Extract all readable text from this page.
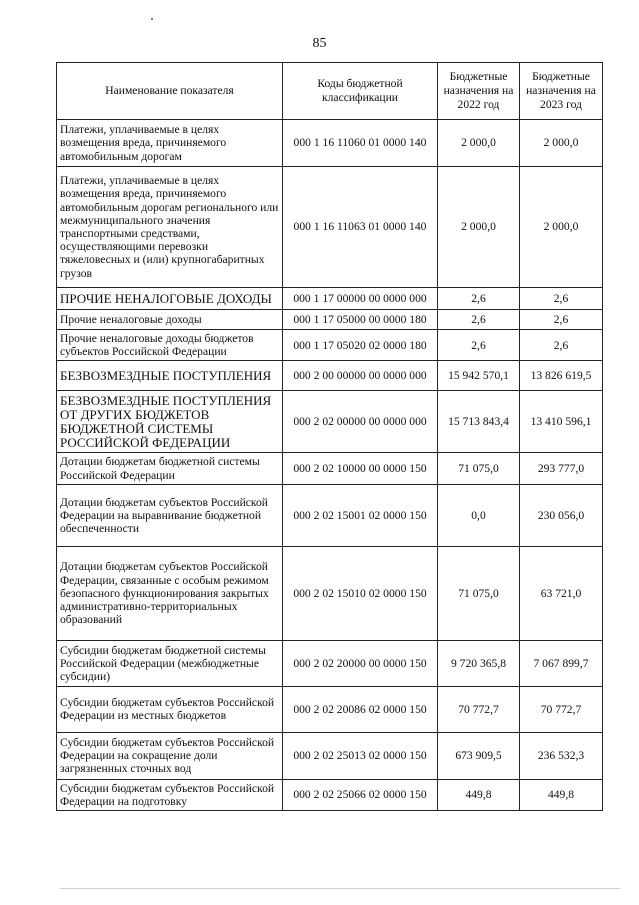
85
Наименование показателя	Коды бюджетной классификации	Бюджетные назначения на 2022 год	Бюджетные назначения на 2023 год
Платежи, уплачиваемые в целях возмещения вреда, причиняемого автомобильным дорогам	000 1 16 11060 01 0000 140	2 000,0	2 000,0
Платежи, уплачиваемые в целях возмещения вреда, причиняемого автомобильным дорогам регионального или межмуниципального значения транспортными средствами, осуществляющими перевозки тяжеловесных и (или) крупногабаритных грузов	000 1 16 11063 01 0000 140	2 000,0	2 000,0
ПРОЧИЕ НЕНАЛОГОВЫЕ ДОХОДЫ	000 1 17 00000 00 0000 000	2,6	2,6
Прочие неналоговые доходы	000 1 17 05000 00 0000 180	2,6	2,6
Прочие неналоговые доходы бюджетов субъектов Российской Федерации	000 1 17 05020 02 0000 180	2,6	2,6
БЕЗВОЗМЕЗДНЫЕ ПОСТУПЛЕНИЯ	000 2 00 00000 00 0000 000	15 942 570,1	13 826 619,5
БЕЗВОЗМЕЗДНЫЕ ПОСТУПЛЕНИЯ ОТ ДРУГИХ БЮДЖЕТОВ БЮДЖЕТНОЙ СИСТЕМЫ РОССИЙСКОЙ ФЕДЕРАЦИИ	000 2 02 00000 00 0000 000	15 713 843,4	13 410 596,1
Дотации бюджетам бюджетной системы Российской Федерации	000 2 02 10000 00 0000 150	71 075,0	293 777,0
Дотации бюджетам субъектов Российской Федерации на выравнивание бюджетной обеспеченности	000 2 02 15001 02 0000 150	0,0	230 056,0
Дотации бюджетам субъектов Российской Федерации, связанные с особым режимом безопасного функционирования закрытых административно-территориальных образований	000 2 02 15010 02 0000 150	71 075,0	63 721,0
Субсидии бюджетам бюджетной системы Российской Федерации (межбюджетные субсидии)	000 2 02 20000 00 0000 150	9 720 365,8	7 067 899,7
Субсидии бюджетам субъектов Российской Федерации из местных бюджетов	000 2 02 20086 02 0000 150	70 772,7	70 772,7
Субсидии бюджетам субъектов Российской Федерации на сокращение доли загрязненных сточных вод	000 2 02 25013 02 0000 150	673 909,5	236 532,3
Субсидии бюджетам субъектов Российской Федерации на подготовку	000 2 02 25066 02 0000 150	449,8	449,8
